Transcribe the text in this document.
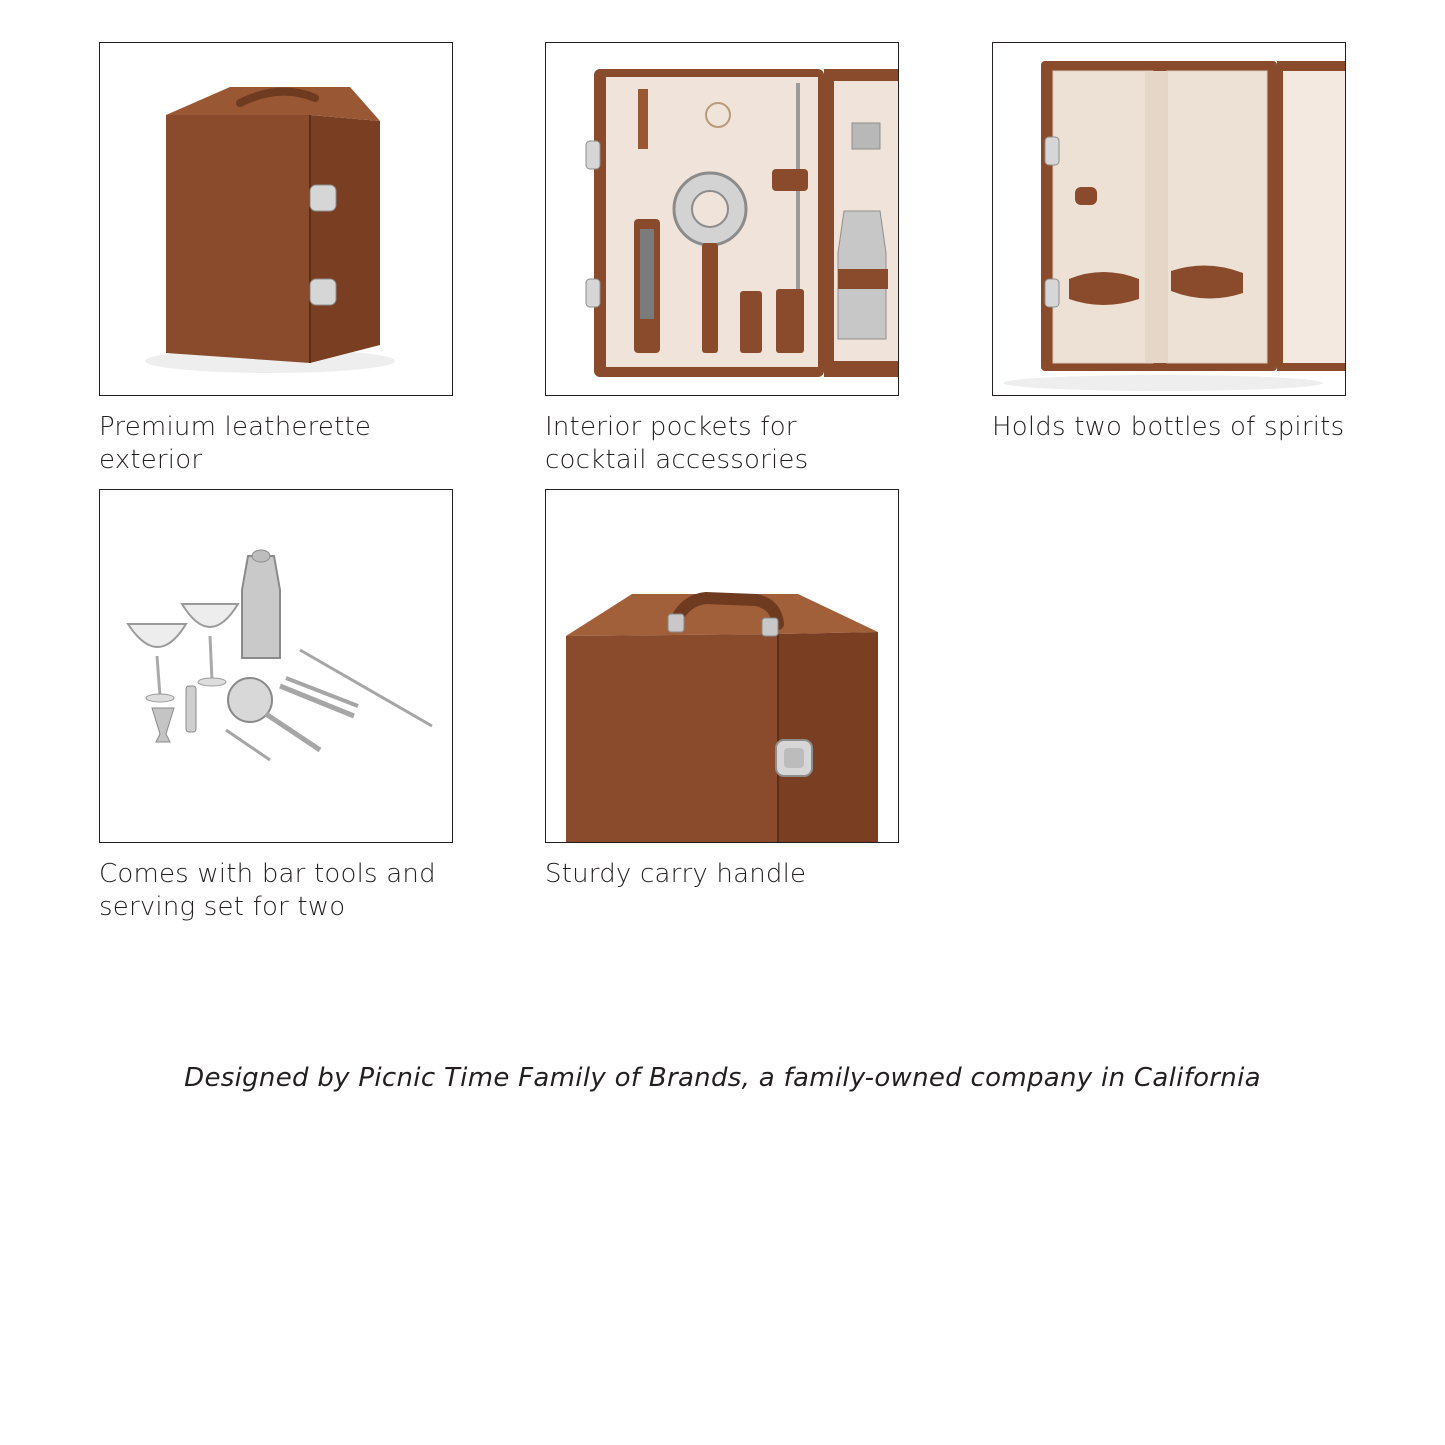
Premium leatherette exterior
Interior pockets for cocktail accessories
Holds two bottles of spirits
Comes with bar tools and serving set for two
Sturdy carry handle
Designed by Picnic Time Family of Brands, a family-owned company in California
